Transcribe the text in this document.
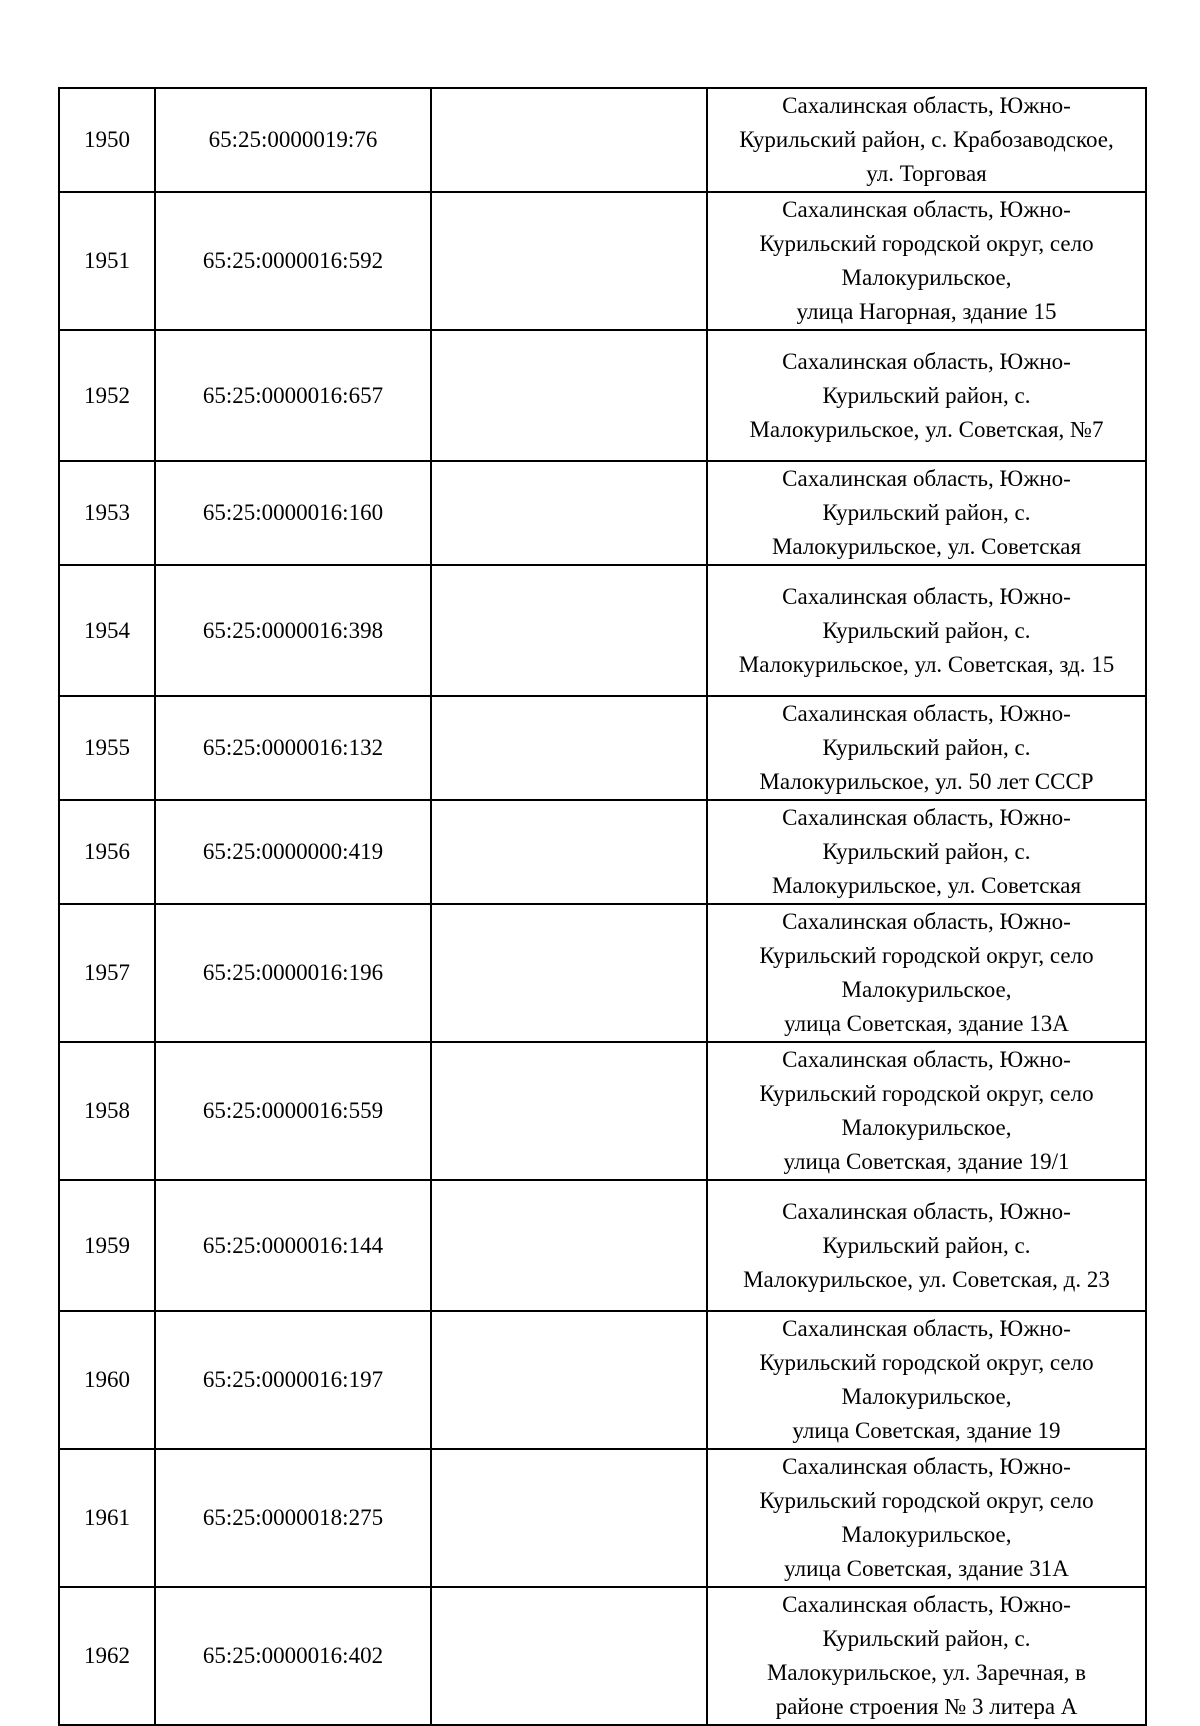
1950	65:25:0000019:76		Сахалинская область, Южно-
Курильский район, с. Крабозаводское,
ул. Торговая

1951	65:25:0000016:592		Сахалинская область, Южно-
Курильский городской округ, село
Малокурильское,
улица Нагорная, здание 15

1952	65:25:0000016:657		Сахалинская область, Южно-
Курильский район, с.
Малокурильское, ул. Советская, №7

1953	65:25:0000016:160		Сахалинская область, Южно-
Курильский район, с.
Малокурильское, ул. Советская

1954	65:25:0000016:398		Сахалинская область, Южно-
Курильский район, с.
Малокурильское, ул. Советская, зд. 15

1955	65:25:0000016:132		Сахалинская область, Южно-
Курильский район, с.
Малокурильское, ул. 50 лет СССР

1956	65:25:0000000:419		Сахалинская область, Южно-
Курильский район, с.
Малокурильское, ул. Советская

1957	65:25:0000016:196		Сахалинская область, Южно-
Курильский городской округ, село
Малокурильское,
улица Советская, здание 13А

1958	65:25:0000016:559		Сахалинская область, Южно-
Курильский городской округ, село
Малокурильское,
улица Советская, здание 19/1

1959	65:25:0000016:144		Сахалинская область, Южно-
Курильский район, с.
Малокурильское, ул. Советская, д. 23

1960	65:25:0000016:197		Сахалинская область, Южно-
Курильский городской округ, село
Малокурильское,
улица Советская, здание 19

1961	65:25:0000018:275		Сахалинская область, Южно-
Курильский городской округ, село
Малокурильское,
улица Советская, здание 31А

1962	65:25:0000016:402		Сахалинская область, Южно-
Курильский район, с.
Малокурильское, ул. Заречная, в
районе строения № 3 литера А
